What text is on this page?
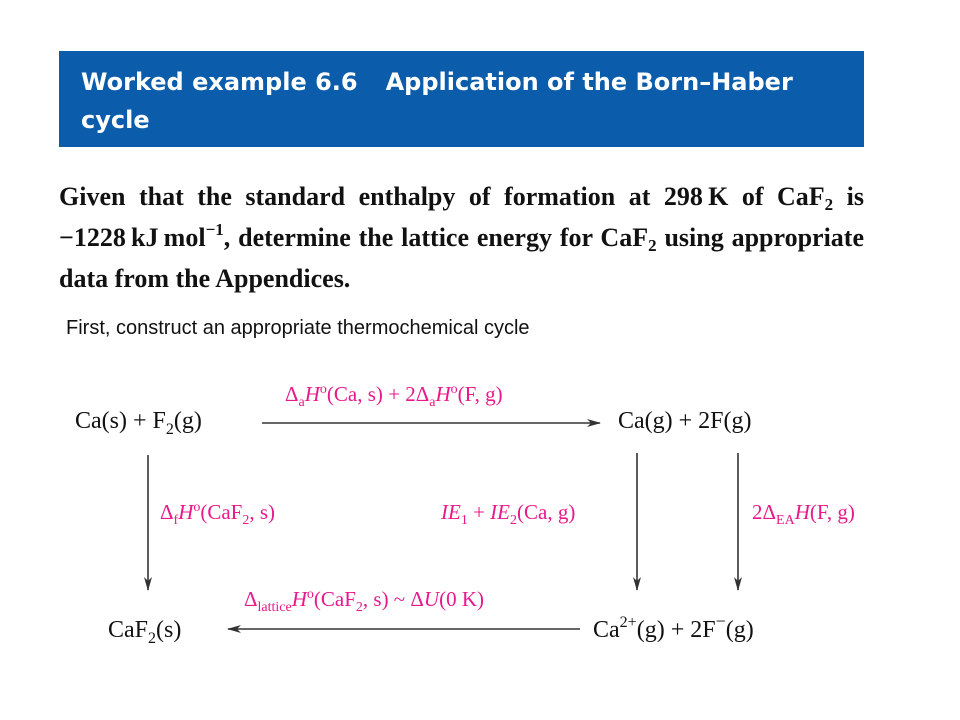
Worked example 6.6 Application of the Born–Haber
cycle
Given that the standard enthalpy of formation at 298 K of CaF$_2$ is −1228 kJ mol$^{-1}$, determine the lattice energy for CaF$_2$ using appropriate data from the Appendices.
First, construct an appropriate thermochemical cycle
$Ca(s) + F_2(g)$	Ca(g) + 2F(g)
CaF$_2$(s)	$Ca^{2+}(g) + 2F^-(g)$
$\Delta_aH^o(Ca$, $s) + 2\Delta_aH^o(F$, g)
$\Delta_fH^o(CaF_2$, s)	$IE_1 + IE_2(Ca$, g)	$2\Delta_{EA}H(F$, g)
$\Delta_{lattice}H^o(CaF_2$, s) ~ ΔU(0 K)
